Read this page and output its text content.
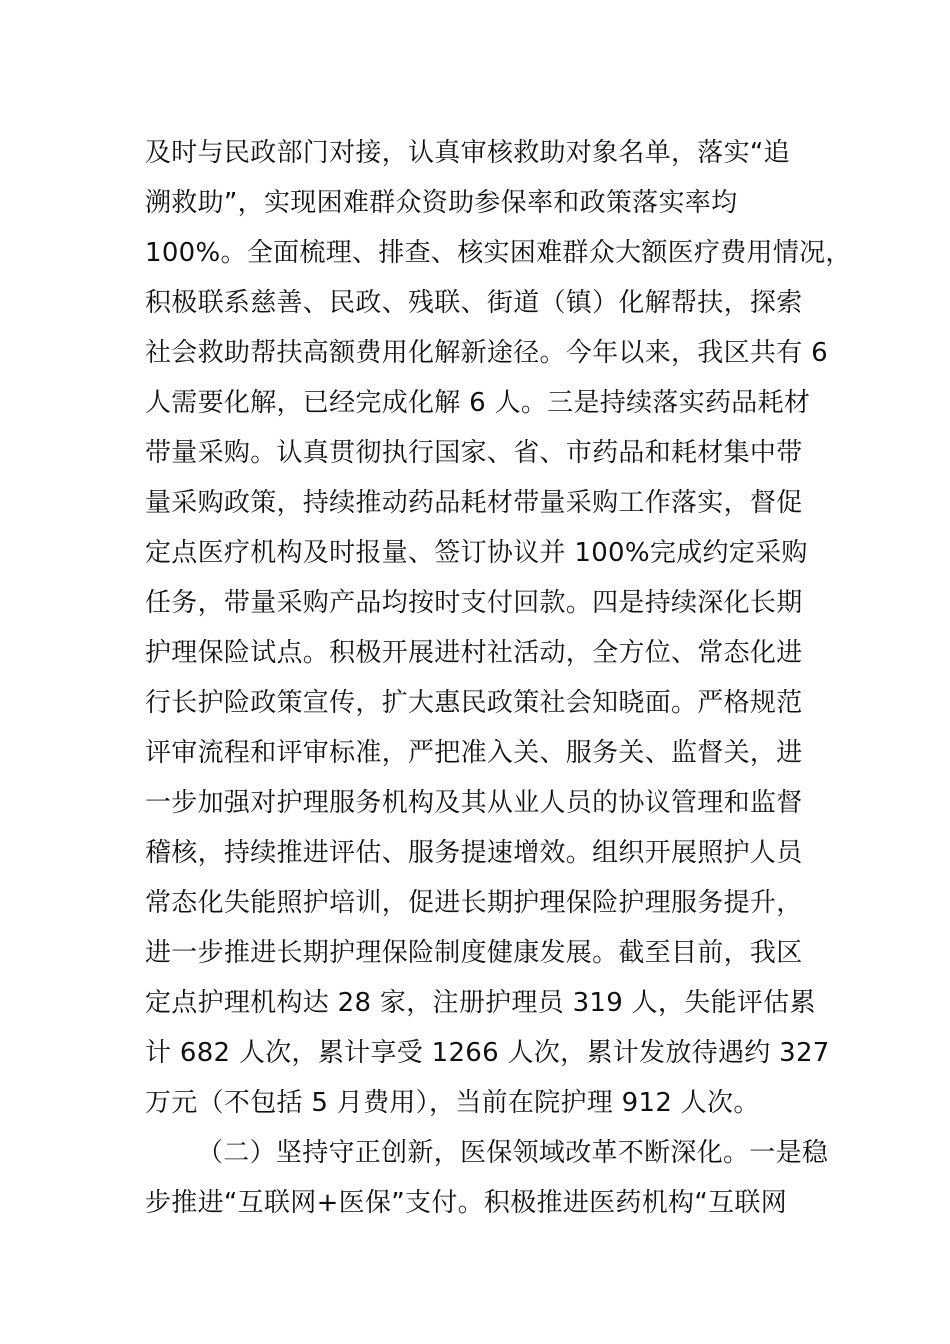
及时与民政部门对接，认真审核救助对象名单，落实“追
溯救助”，实现困难群众资助参保率和政策落实率均
100%。全面梳理、排查、核实困难群众大额医疗费用情况，
积极联系慈善、民政、残联、街道（镇）化解帮扶，探索
社会救助帮扶高额费用化解新途径。今年以来，我区共有 6
人需要化解，已经完成化解 6 人。三是持续落实药品耗材
带量采购。认真贯彻执行国家、省、市药品和耗材集中带
量采购政策，持续推动药品耗材带量采购工作落实，督促
定点医疗机构及时报量、签订协议并 100%完成约定采购
任务，带量采购产品均按时支付回款。四是持续深化长期
护理保险试点。积极开展进村社活动，全方位、常态化进
行长护险政策宣传，扩大惠民政策社会知晓面。严格规范
评审流程和评审标准，严把准入关、服务关、监督关，进
一步加强对护理服务机构及其从业人员的协议管理和监督
稽核，持续推进评估、服务提速增效。组织开展照护人员
常态化失能照护培训，促进长期护理保险护理服务提升，
进一步推进长期护理保险制度健康发展。截至目前，我区
定点护理机构达 28 家，注册护理员 319 人，失能评估累
计 682 人次，累计享受 1266 人次，累计发放待遇约 327
万元（不包括 5 月费用），当前在院护理 912 人次。
（二）坚持守正创新，医保领域改革不断深化。一是稳
步推进“互联网+医保”支付。积极推进医药机构“互联网
